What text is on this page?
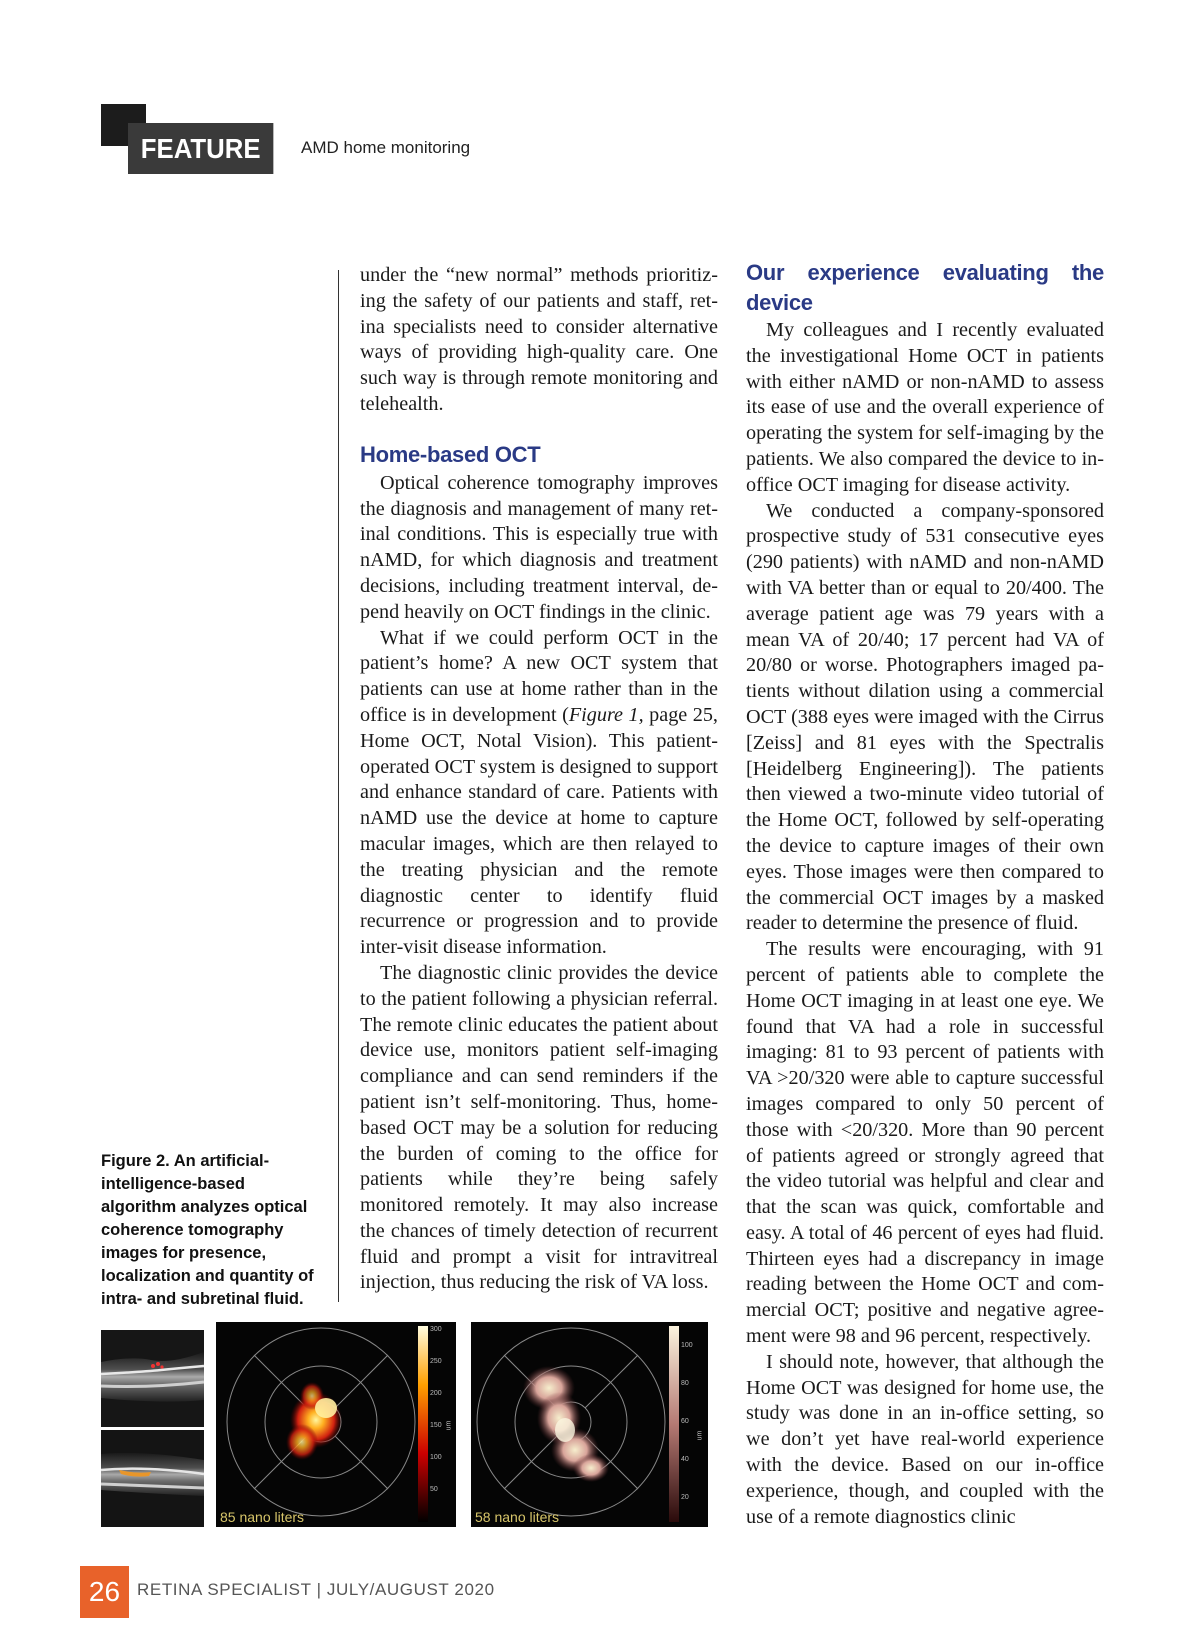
FEATURE	AMD home monitoring

under the “new normal” methods prioritizing the safety of our patients and staff, retina specialists need to consider alternative ways of providing high-quality care. One such way is through remote monitoring and telehealth.

Home-based OCT

Optical coherence tomography improves the diagnosis and management of many retinal conditions. This is especially true with nAMD, for which diagnosis and treatment decisions, including treatment interval, depend heavily on OCT findings in the clinic.

What if we could perform OCT in the patient’s home? A new OCT system that patients can use at home rather than in the office is in development (Figure 1, page 25, Home OCT, Notal Vision). This patient-operated OCT system is designed to support and enhance standard of care. Patients with nAMD use the device at home to capture macular images, which are then relayed to the treating physician and the remote diagnostic center to identify fluid recurrence or progression and to provide inter-visit disease information.

The diagnostic clinic provides the device to the patient following a physician referral. The remote clinic educates the patient about device use, monitors patient self-imaging compliance and can send reminders if the patient isn’t self-monitoring. Thus, home-based OCT may be a solution for reducing the burden of coming to the office for patients while they’re being safely monitored remotely. It may also increase the chances of timely detection of recurrent fluid and prompt a visit for intravitreal injection, thus reducing the risk of VA loss.

Our experience evaluating the device

My colleagues and I recently evaluated the investigational Home OCT in patients with either nAMD or non-nAMD to assess its ease of use and the overall experience of operating the system for self-imaging by the patients. We also compared the device to in-office OCT imaging for disease activity.

We conducted a company-sponsored prospective study of 531 consecutive eyes (290 patients) with nAMD and non-nAMD with VA better than or equal to 20/400. The average patient age was 79 years with a mean VA of 20/40; 17 percent had VA of 20/80 or worse. Photographers imaged patients without dilation using a commercial OCT (388 eyes were imaged with the Cirrus [Zeiss] and 81 eyes with the Spectralis [Heidelberg Engineering]). The patients then viewed a two-minute video tutorial of the Home OCT, followed by self-operating the device to capture images of their own eyes. Those images were then compared to the commercial OCT images by a masked reader to determine the presence of fluid.

The results were encouraging, with 91 percent of patients able to complete the Home OCT imaging in at least one eye. We found that VA had a role in successful imaging: 81 to 93 percent of patients with VA >20/320 were able to capture successful images compared to only 50 percent of those with <20/320. More than 90 percent of patients agreed or strongly agreed that the video tutorial was helpful and clear and that the scan was quick, comfortable and easy. A total of 46 percent of eyes had fluid. Thirteen eyes had a discrepancy in image reading between the Home OCT and commercial OCT; positive and negative agreement were 98 and 96 percent, respectively.

I should note, however, that although the Home OCT was designed for home use, the study was done in an in-office setting, so we don’t yet have real-world experience with the device. Based on our in-office experience, though, and coupled with the use of a remote diagnostics clinic

Figure 2. An artificial-intelligence-based algorithm analyzes optical coherence tomography images for presence, localization and quantity of intra- and subretinal fluid.
300
250
200
150
100
50
um
85 nano liters
100
80
60
40
20
um
58 nano liters
26 RETINA SPECIALIST | JULY/AUGUST 2020
